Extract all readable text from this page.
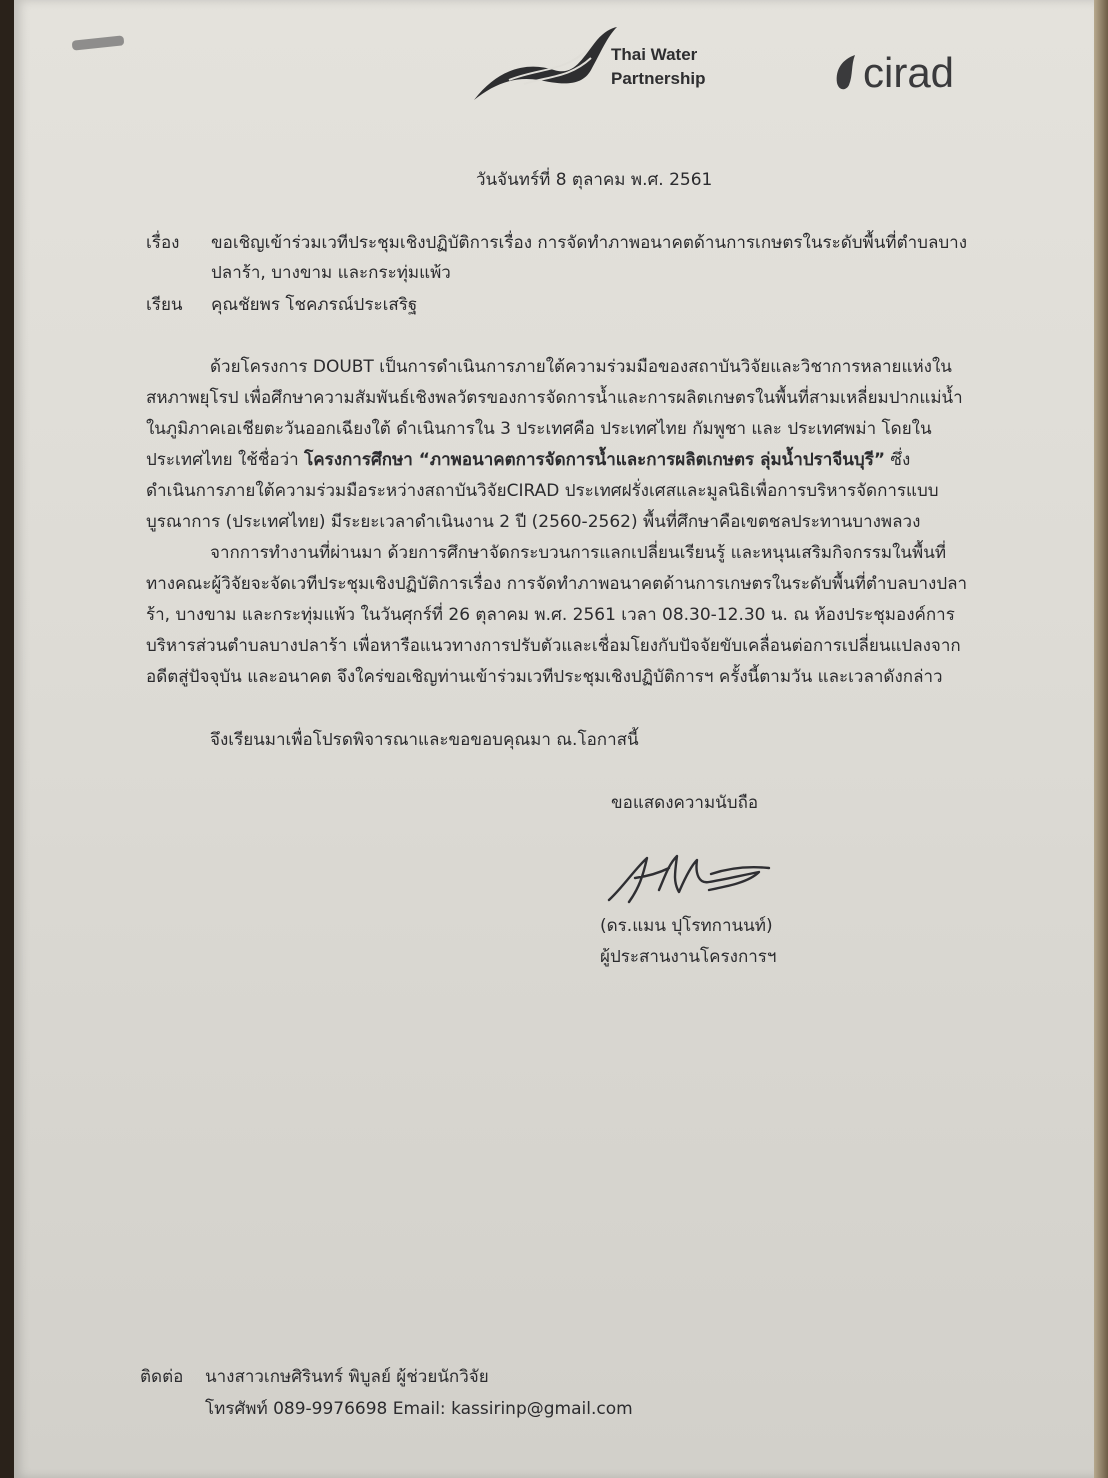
Thai Water
Partnership	cirad
วันจันทร์ที่ 8 ตุลาคม พ.ศ. 2561
เรื่อง ขอเชิญเข้าร่วมเวทีประชุมเชิงปฏิบัติการเรื่อง การจัดทำภาพอนาคตด้านการเกษตรในระดับพื้นที่ตำบลบาง
ปลาร้า, บางขาม และกระทุ่มแพ้ว
เรียน คุณชัยพร โชคภรณ์ประเสริฐ
ด้วยโครงการ DOUBT เป็นการดำเนินการภายใต้ความร่วมมือของสถาบันวิจัยและวิชาการหลายแห่งใน
สหภาพยุโรป เพื่อศึกษาความสัมพันธ์เชิงพลวัตรของการจัดการน้ำและการผลิตเกษตรในพื้นที่สามเหลี่ยมปากแม่น้ำ
ในภูมิภาคเอเชียตะวันออกเฉียงใต้ ดำเนินการใน 3 ประเทศคือ ประเทศไทย กัมพูชา และ ประเทศพม่า โดยใน
ประเทศไทย ใช้ชื่อว่า โครงการศึกษา “ภาพอนาคตการจัดการน้ำและการผลิตเกษตร ลุ่มน้ำปราจีนบุรี” ซึ่ง
ดำเนินการภายใต้ความร่วมมือระหว่างสถาบันวิจัยCIRAD ประเทศฝรั่งเศสและมูลนิธิเพื่อการบริหารจัดการแบบ
บูรณาการ (ประเทศไทย) มีระยะเวลาดำเนินงาน 2 ปี (2560-2562) พื้นที่ศึกษาคือเขตชลประทานบางพลวง
จากการทำงานที่ผ่านมา ด้วยการศึกษาจัดกระบวนการแลกเปลี่ยนเรียนรู้ และหนุนเสริมกิจกรรมในพื้นที่
ทางคณะผู้วิจัยจะจัดเวทีประชุมเชิงปฏิบัติการเรื่อง การจัดทำภาพอนาคตด้านการเกษตรในระดับพื้นที่ตำบลบางปลา
ร้า, บางขาม และกระทุ่มแพ้ว ในวันศุกร์ที่ 26 ตุลาคม พ.ศ. 2561 เวลา 08.30-12.30 น. ณ ห้องประชุมองค์การ
บริหารส่วนตำบลบางปลาร้า เพื่อหารือแนวทางการปรับตัวและเชื่อมโยงกับปัจจัยขับเคลื่อนต่อการเปลี่ยนแปลงจาก
อดีตสู่ปัจจุบัน และอนาคต จึงใคร่ขอเชิญท่านเข้าร่วมเวทีประชุมเชิงปฏิบัติการฯ ครั้งนี้ตามวัน และเวลาดังกล่าว
จึงเรียนมาเพื่อโปรดพิจารณาและขอขอบคุณมา ณ.โอกาสนี้
ขอแสดงความนับถือ
(ดร.แมน ปุโรทกานนท์)
ผู้ประสานงานโครงการฯ
ติดต่อ นางสาวเกษศิรินทร์ พิบูลย์ ผู้ช่วยนักวิจัย
โทรศัพท์ 089-9976698 Email: kassirinp@gmail.com
